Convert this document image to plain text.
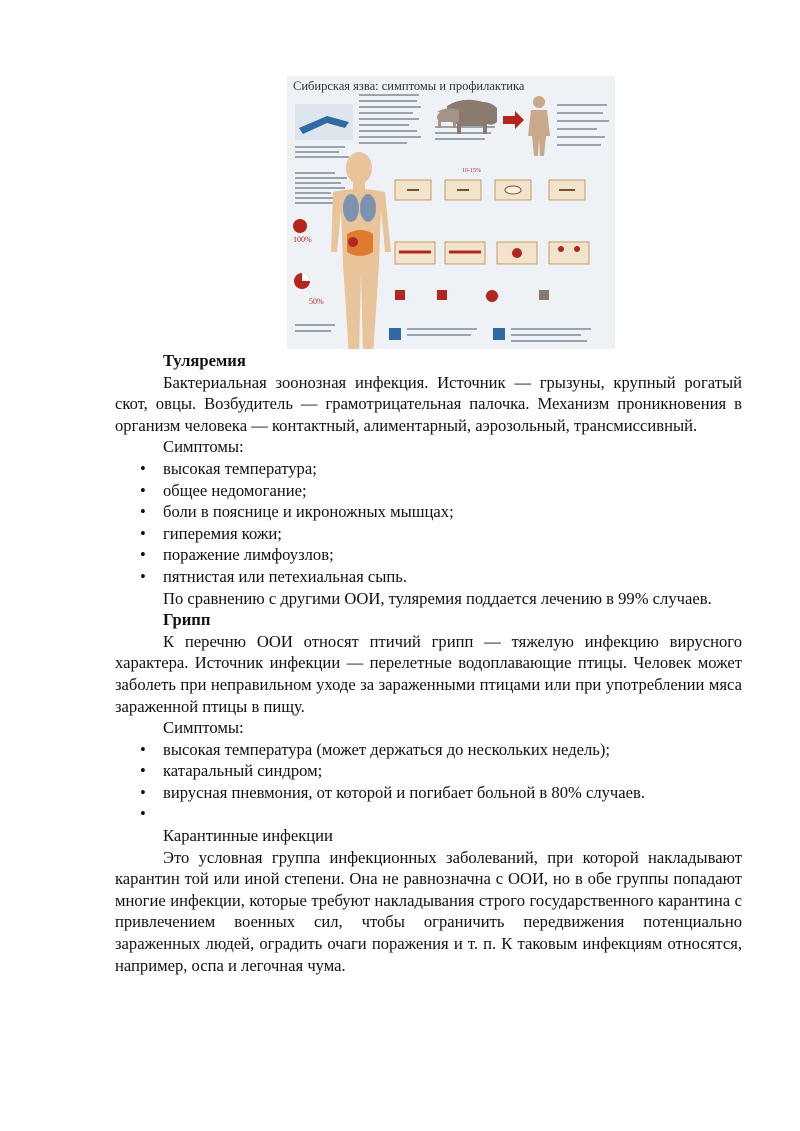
100%
50%
10-15%
Сибирская язва: симптомы и профилактика

Туляремия

Бактериальная зоонозная инфекция. Источник — грызуны, крупный рогатый скот, овцы. Возбудитель — грамотрицательная палочка. Механизм проникновения в организм человека — контактный, алиментарный, аэрозольный, трансмиссивный.

Симптомы:

• высокая температура;
• общее недомогание;
• боли в пояснице и икроножных мышцах;
• гиперемия кожи;
• поражение лимфоузлов;
• пятнистая или петехиальная сыпь.

По сравнению с другими ООИ, туляремия поддается лечению в 99% случаев.

Грипп

К перечню ООИ относят птичий грипп — тяжелую инфекцию вирусного характера. Источник инфекции — перелетные водоплавающие птицы. Человек может заболеть при неправильном уходе за зараженными птицами или при употреблении мяса зараженной птицы в пищу.

Симптомы:

• высокая температура (может держаться до нескольких недель);
• катаральный синдром;
• вирусная пневмония, от которой и погибает больной в 80% случаев.
•

Карантинные инфекции

Это условная группа инфекционных заболеваний, при которой накладывают карантин той или иной степени. Она не равнозначна с ООИ, но в обе группы попадают многие инфекции, которые требуют накладывания строго государственного карантина с привлечением военных сил, чтобы ограничить передвижения потенциально зараженных людей, оградить очаги поражения и т. п. К таковым инфекциям относятся, например, оспа и легочная чума.
